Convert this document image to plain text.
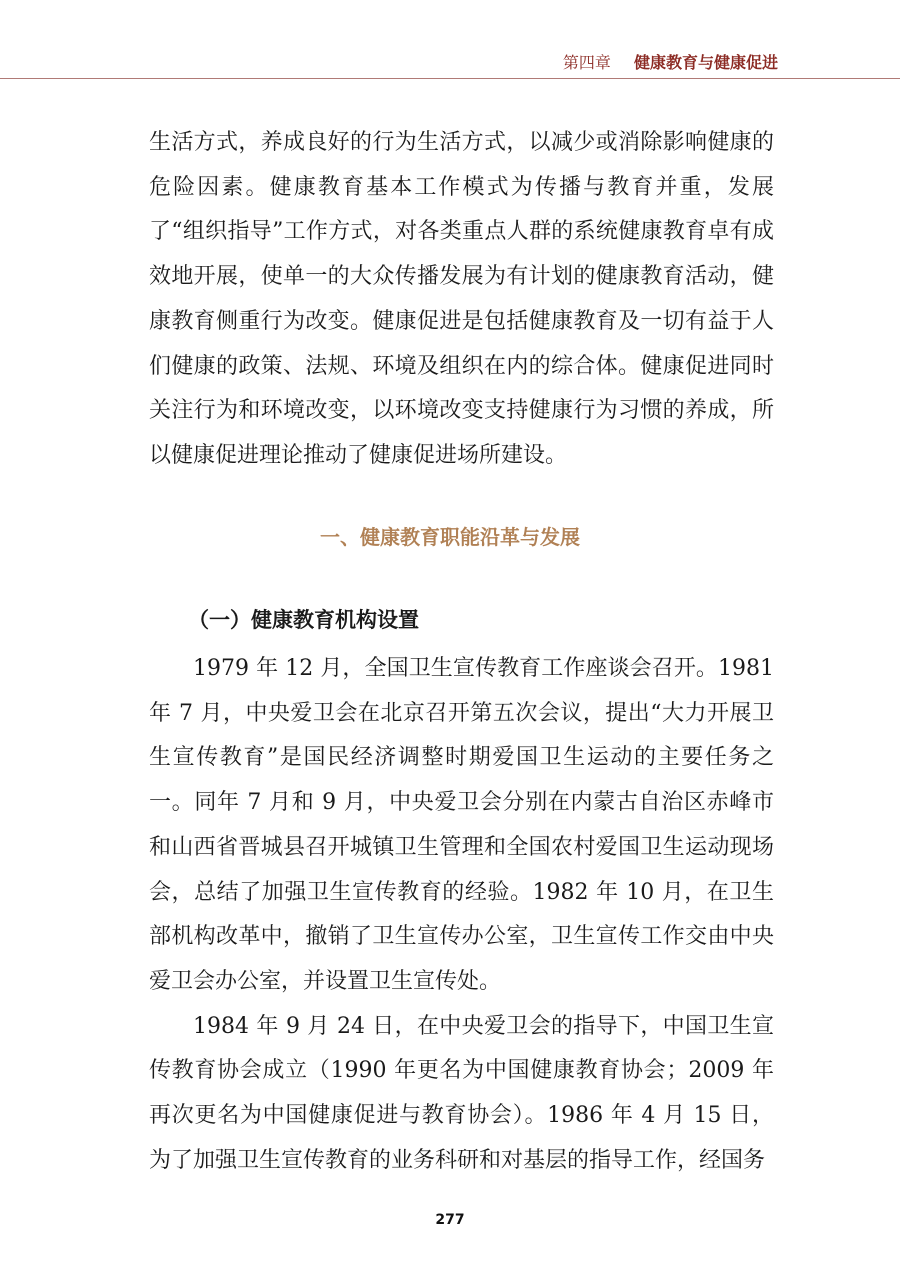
第四章 健康教育与健康促进

生活方式，养成良好的行为生活方式，以减少或消除影响健康的危险因素。健康教育基本工作模式为传播与教育并重，发展了“组织指导”工作方式，对各类重点人群的系统健康教育卓有成效地开展，使单一的大众传播发展为有计划的健康教育活动，健康教育侧重行为改变。健康促进是包括健康教育及一切有益于人们健康的政策、法规、环境及组织在内的综合体。健康促进同时关注行为和环境改变，以环境改变支持健康行为习惯的养成，所以健康促进理论推动了健康促进场所建设。

一、健康教育职能沿革与发展
（一）健康教育机构设置

1979 年 12 月，全国卫生宣传教育工作座谈会召开。1981 年 7 月，中央爱卫会在北京召开第五次会议，提出“大力开展卫生宣传教育”是国民经济调整时期爱国卫生运动的主要任务之一。同年 7 月和 9 月，中央爱卫会分别在内蒙古自治区赤峰市和山西省晋城县召开城镇卫生管理和全国农村爱国卫生运动现场会，总结了加强卫生宣传教育的经验。1982 年 10 月，在卫生部机构改革中，撤销了卫生宣传办公室，卫生宣传工作交由中央爱卫会办公室，并设置卫生宣传处。

1984 年 9 月 24 日，在中央爱卫会的指导下，中国卫生宣传教育协会成立（1990 年更名为中国健康教育协会；2009 年再次更名为中国健康促进与教育协会）。1986 年 4 月 15 日，为了加强卫生宣传教育的业务科研和对基层的指导工作，经国务

277
